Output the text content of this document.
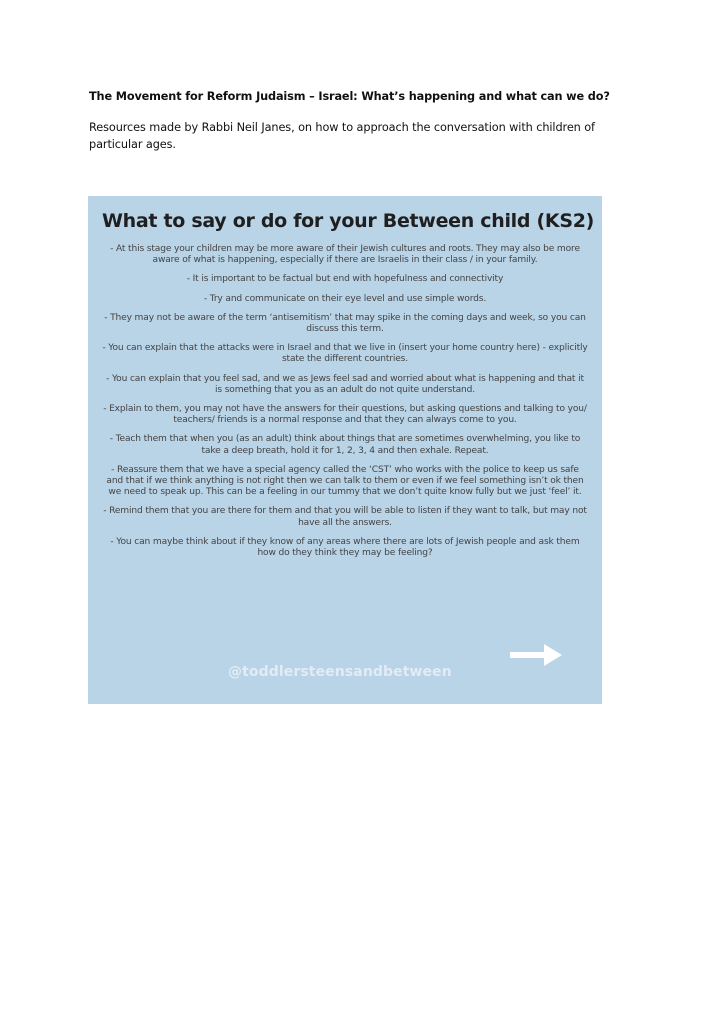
The Movement for Reform Judaism – Israel: What’s happening and what can we do?
Resources made by Rabbi Neil Janes, on how to approach the conversation with children of particular ages.
What to say or do for your Between child (KS2)

- At this stage your children may be more aware of their Jewish cultures and roots. They may also be more aware of what is happening, especially if there are Israelis in their class / in your family.

- It is important to be factual but end with hopefulness and connectivity

- Try and communicate on their eye level and use simple words.

- They may not be aware of the term ‘antisemitism’ that may spike in the coming days and week, so you can discuss this term.

- You can explain that the attacks were in Israel and that we live in (insert your home country here) - explicitly state the different countries.

- You can explain that you feel sad, and we as Jews feel sad and worried about what is happening and that it is something that you as an adult do not quite understand.

- Explain to them, you may not have the answers for their questions, but asking questions and talking to you/ teachers/ friends is a normal response and that they can always come to you.

- Teach them that when you (as an adult) think about things that are sometimes overwhelming, you like to take a deep breath, hold it for 1, 2, 3, 4 and then exhale. Repeat.

- Reassure them that we have a special agency called the ‘CST’ who works with the police to keep us safe and that if we think anything is not right then we can talk to them or even if we feel something isn’t ok then we need to speak up. This can be a feeling in our tummy that we don’t quite know fully but we just ‘feel’ it.

- Remind them that you are there for them and that you will be able to listen if they want to talk, but may not have all the answers.

- You can maybe think about if they know of any areas where there are lots of Jewish people and ask them how do they think they may be feeling?

@toddlersteensandbetween
